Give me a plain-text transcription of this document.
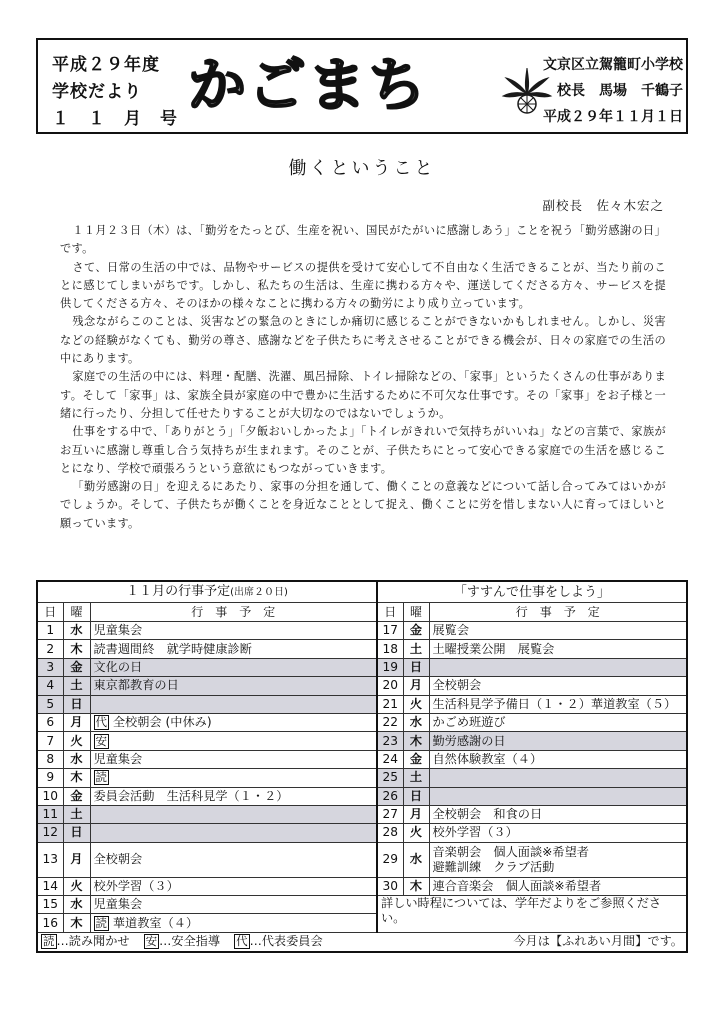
平成２９年度
学校だより
１　１　月　号 かごまち	文京区立駕籠町小学校
校長　馬場　千鶴子
平成２９年１１月１日
働くということ
副校長　佐々木宏之

１１月２３日（木）は、「勤労をたっとび、生産を祝い、国民がたがいに感謝しあう」ことを祝う「勤労感謝の日」です。

さて、日常の生活の中では、品物やサービスの提供を受けて安心して不自由なく生活できることが、当たり前のことに感じてしまいがちです。しかし、私たちの生活は、生産に携わる方々や、運送してくださる方々、サービスを提供してくださる方々、そのほかの様々なことに携わる方々の勤労により成り立っています。

残念ながらこのことは、災害などの緊急のときにしか痛切に感じることができないかもしれません。しかし、災害などの経験がなくても、勤労の尊さ、感謝などを子供たちに考えさせることができる機会が、日々の家庭での生活の中にあります。

家庭での生活の中には、料理・配膳、洗濯、風呂掃除、トイレ掃除などの、「家事」というたくさんの仕事があります。そして「家事」は、家族全員が家庭の中で豊かに生活するために不可欠な仕事です。その「家事」をお子様と一緒に行ったり、分担して任せたりすることが大切なのではないでしょうか。

仕事をする中で、「ありがとう」「夕飯おいしかったよ」「トイレがきれいで気持ちがいいね」などの言葉で、家族がお互いに感謝し尊重し合う気持ちが生まれます。そのことが、子供たちにとって安心できる家庭での生活を感じることになり、学校で頑張ろうという意欲にもつながっていきます。

「勤労感謝の日」を迎えるにあたり、家事の分担を通して、働くことの意義などについて話し合ってみてはいかがでしょうか。そして、子供たちが働くことを身近なこととして捉え、働くことに労を惜しまない人に育ってほしいと願っています。

１１月の行事予定(出席２０日)			「すすんで仕事をしよう」		
日	曜	行　事　予　定	日	曜	行　事　予　定
1	水	児童集会	17	金	展覧会
2	木	読書週間終　就学時健康診断	18	土	土曜授業公開　展覧会
3	金	文化の日	19	日	
4	土	東京都教育の日	20	月	全校朝会
5	日		21	火	生活科見学予備日（１・２）華道教室（５）
6	月	代 全校朝会 (中休み)	22	水	かごめ班遊び
7	火	安	23	木	勤労感謝の日
8	水	児童集会	24	金	自然体験教室（４）
9	木	読	25	土	
10	金	委員会活動　生活科見学（１・２）	26	日	
11	土		27	月	全校朝会　和食の日
12	日		28	火	校外学習（３）
13	月	全校朝会	29	水	音楽朝会　個人面談※希望者
避難訓練　クラブ活動
14	火	校外学習（３）	30	木	連合音楽会　個人面談※希望者
15	水	児童集会	詳しい時程については、学年だよりをご参照ください。		
16	木	読 華道教室（４）			
読 …読み聞かせ 安 …安全指導 代 …代表委員会			今月は【ふれあい月間】です。		
